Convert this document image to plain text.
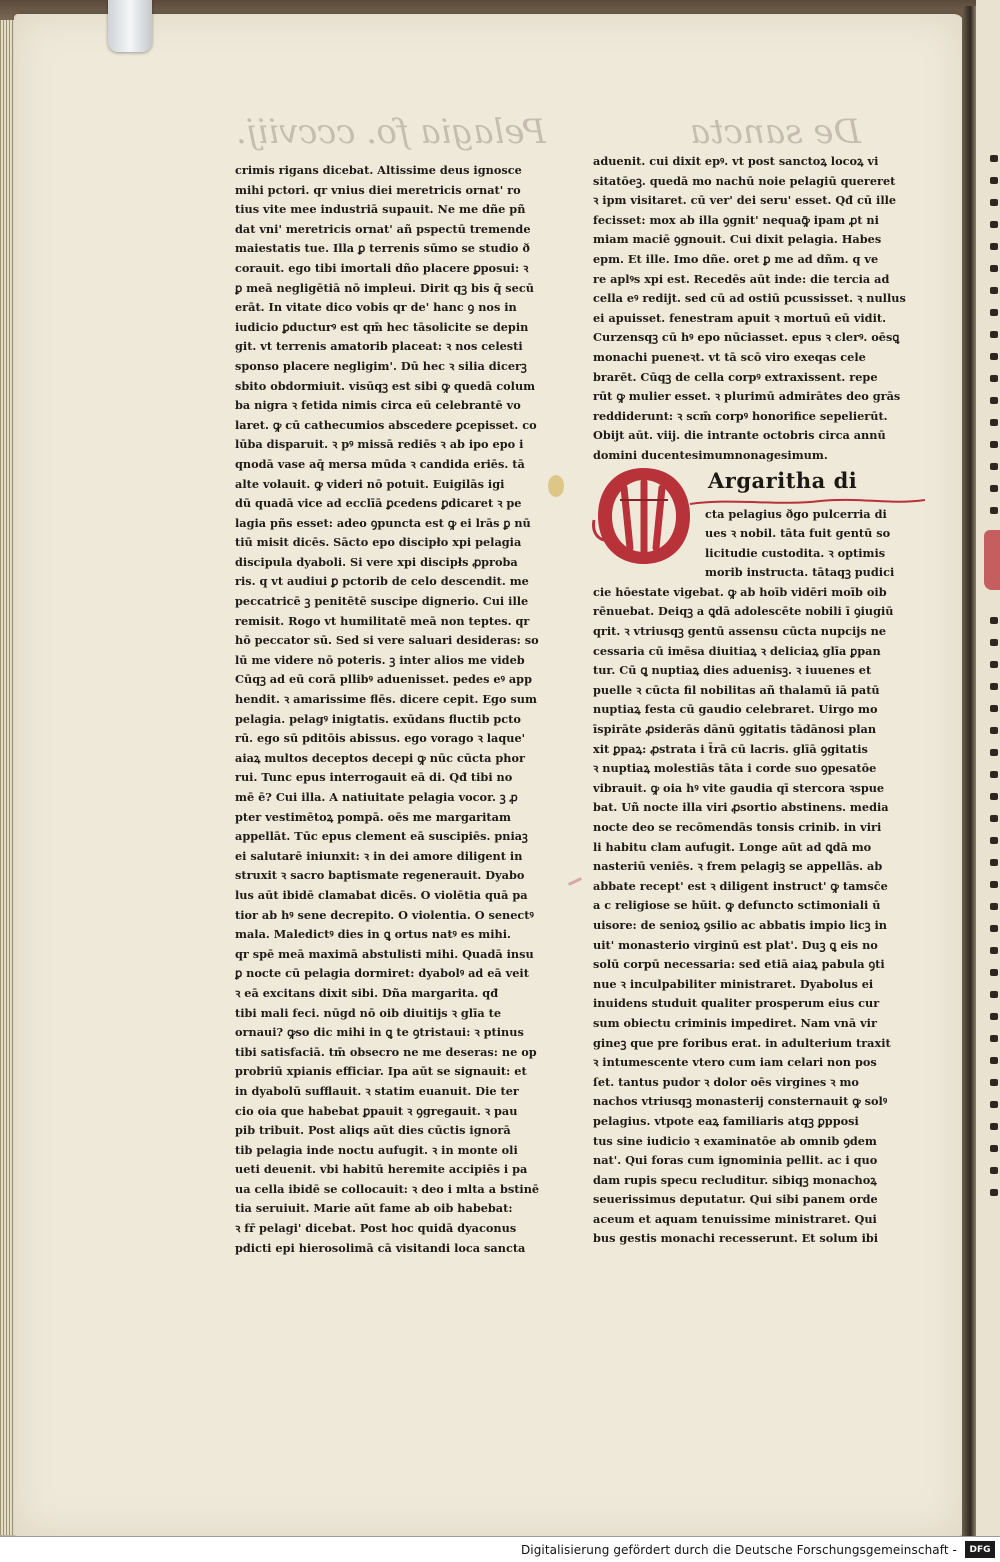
Pelagia fo. cccviij.	De sancta
crimis rigans dicebat. Altissime deus ignosce
mihi pctori. qr vnius diei meretricis ornat' ro
tius vite mee industriā supauit. Ne me dñe pñ
dat vni' meretricis ornat' añ pspectū tremende
maiestatis tue. Illa ꝑ terrenis sūmo se studio ð
corauit. ego tibi imortali dño placere ꝑposui: ꝛ
ꝑ meā negligētiā nō impleui. Dirit qꝫ bis q̄ secū
erāt. In vitate dico vobis qr de' hanc ꝯ nos in
iudicio ꝑducturꝰ est qm̄ hec tāsolicite se depin
git. vt terrenis amatorib placeat: ꝛ nos celesti
sponso placere negligim'. Dū hec ꝛ silia dicerꝫ
sbito obdormiuit. visūqꝫ est sibi ꝙ quedā colum
ba nigra ꝛ fetida nimis circa eū celebrantē vo
laret. ꝙ cū cathecumios abscedere ꝑcepisset. co
lūba disparuit. ꝛ pꝰ missā rediēs ꝛ ab ipo epo i
qnodā vase aq̄ mersa mūda ꝛ candida eriēs. tā
alte volauit. ꝙ videri nō potuit. Euigilās igi
dū quadā vice ad ecclīā ꝑcedens ꝑdicaret ꝛ pe
lagia pñs esset: adeo ꝯpuncta est ꝙ ei lrās ꝑ nū
tiū misit dicēs. Sācto epo discipło xpi pelagia
discipula dyaboli. Si vere xpi discipłs ꝓproba
ris. q vt audiui ꝑ pctorib de celo descendit. me
peccatricē ꝫ penitētē suscipe dignerio. Cui ille
remisit. Rogo vt humilitatē meā non teptes. qr
hō peccator sū. Sed si vere saluari desideras: so
lū me videre nō poteris. ꝫ inter alios me videb
Cūqꝫ ad eū corā pllibꝰ aduenisset. pedes eꝰ app
hendit. ꝛ amarissime flēs. dicere cepit. Ego sum
pelagia. pelagꝰ inigtatis. exūdans fluctib pcto
rū. ego sū pditōis abissus. ego vorago ꝛ laque'
aiaꝝ multos deceptos decepi ꝙ nūc cūcta phor
rui. Tunc epus interrogauit eā di. Qđ tibi no
mē ē? Cui illa. A natiuitate pelagia vocor. ꝫ ꝓ
pter vestimētoꝝ pompā. oēs me margaritam
appellāt. Tūc epus clement eā suscipiēs. pniaꝫ
ei salutarē iniunxit: ꝛ in dei amore diligent in
struxit ꝛ sacro baptismate regenerauit. Dyabo
lus aūt ibidē clamabat dicēs. O violētia quā pa
tior ab hꝰ sene decrepito. O violentia. O senectꝰ
mala. Maledictꝰ dies in ꝗ ortus natꝰ es mihi.
qr spē meā maximā abstulisti mihi. Quadā insu
ꝑ nocte cū pelagia dormiret: dyabolꝰ ad eā veit
ꝛ eā excitans dixit sibi. Dña margarita. qđ
tibi mali feci. nūgd nō oib diuitijs ꝛ glīa te
ornaui? ꝙso dic mihi in ꝗ te ꝯtristaui: ꝛ ptinus
tibi satisfaciā. tm̄ obsecro ne me deseras: ne op
probriū xpianis efficiar. Ipa aūt se signauit: et
in dyabolū sufflauit. ꝛ statim euanuit. Die ter
cio oia que habebat ꝑpauit ꝛ ꝯgregauit. ꝛ pau
pib tribuit. Post aliqs aūt dies cūctis ignorā
tib pelagia inde noctu aufugit. ꝛ in monte oli
ueti deuenit. vbi habitū heremite accipiēs i pa
ua cella ibidē se collocauit: ꝛ deo i mlta a bstinē
tia seruiuit. Marie aūt fame ab oib habebat:
ꝛ fr̄ pelagi' dicebat. Post hoc quidā dyaconus
pdicti epi hierosolimā cā visitandi loca sancta
aduenit. cui dixit epꝰ. vt post sanctoꝝ locoꝝ vi
sitatōeꝫ. quedā mo nachū noie pelagiū quereret
ꝛ ipm visitaret. cū ver' dei seru' esset. Qđ cū ille
fecisset: mox ab illa ꝯgnit' nequaꝙ̄ ipam ꝓt ni
miam maciē ꝯgnouit. Cui dixit pelagia. Habes
epm. Et ille. Imo dñe. oret ꝑ me ad dñm. q ve
re aplꝰs xpi est. Recedēs aūt inde: die tercia ad
cella eꝰ redijt. sed cū ad ostiū pcussisset. ꝛ nullus
ei apuisset. fenestram apuit ꝛ mortuū eū vidit.
Curzensqꝫ cū hꝰ epo nūciasset. epus ꝛ clerꝰ. oēsꝗ
monachi pueneꝛt. vt tā scō viro exeqas cele
brarēt. Cūqꝫ de cella corpꝰ extraxissent. repe
rūt ꝙ mulier esset. ꝛ plurimū admirātes deo grās
reddiderunt: ꝛ scm̄ corpꝰ honorifice sepelierūt.
Obijt aūt. viij. die intrante octobris circa annū
domini ducentesimumnonagesimum.
cta pelagius ðgo pulcerria di
ues ꝛ nobil. tāta fuit gentū so
licitudie custodita. ꝛ optimis
morib instructa. tātaqꝫ pudici
cie hōestate vigebat. ꝙ ab hoīb vidēri moīb oib
rēnuebat. Deiqꝫ a ꝗdā adolescēte nobili ī ꝯiugiū
qrit. ꝛ vtriusqꝫ gentū assensu cūcta nupcijs ne
cessaria cū imēsa diuitiaꝝ ꝛ deliciaꝝ glīa ꝑpan
tur. Cū ꝗ nuptiaꝝ dies aduenisꝫ. ꝛ iuuenes et
puelle ꝛ cūcta fil nobilitas añ thalamū iā patū
nuptiaꝝ festa cū gaudio celebraret. Uirgo mo
īspirāte ꝓsiderās dānū ꝯgitatis tādānosi plan
xit ꝑpaꝝ: ꝓstrata i t̄rā cū lacris. glīā ꝯgitatis
ꝛ nuptiaꝝ molestiās tāta i corde suo ꝯpesatōe
vibrauit. ꝙ oia hꝰ vite gaudia qī stercora ꝛspue
bat. Uñ nocte illa viri ꝓsortio abstinens. media
nocte deo se recōmendās tonsis crinib. in viri
li habitu clam aufugit. Longe aūt ad ꝗdā mo
nasteriū veniēs. ꝛ frem pelagiꝫ se appellās. ab
abbate recept' est ꝛ diligent instruct' ꝙ tamsc̄e
a c religiose se hūit. ꝙ defuncto sctimoniali ū
uisore: de senioꝝ ꝯsilio ac abbatis impio licꝫ in
uit' monasterio virginū est plat'. Duꝫ ꝗ eis no
solū corpū necessaria: sed etiā aiaꝝ pabula ꝯti
nue ꝛ inculpabiliter ministraret. Dyabolus ei
inuidens studuit qualiter prosperum eius cur
sum obiectu criminis impediret. Nam vnā vir
gineꝫ que pre foribus erat. in adulterium traxit
ꝛ intumescente vtero cum iam celari non pos
ſet. tantus pudor ꝛ dolor oēs virgines ꝛ mo
nachos vtriusqꝫ monasterij consternauit ꝙ solꝰ
pelagius. vtpote eaꝝ familiaris atqꝫ ꝑpposi
tus sine iudicio ꝛ examinatōe ab omnib ꝯdem
nat'. Qui foras cum ignominia pellit. ac i quo
dam rupis specu recluditur. sibiqꝫ monachoꝝ
seuerissimus deputatur. Qui sibi panem orde
aceum et aquam tenuissime ministraret. Qui
bus gestis monachi recesserunt. Et solum ibi
Argaritha di
Digitalisierung gefördert durch die Deutsche Forschungsgemeinschaft -	DFG
